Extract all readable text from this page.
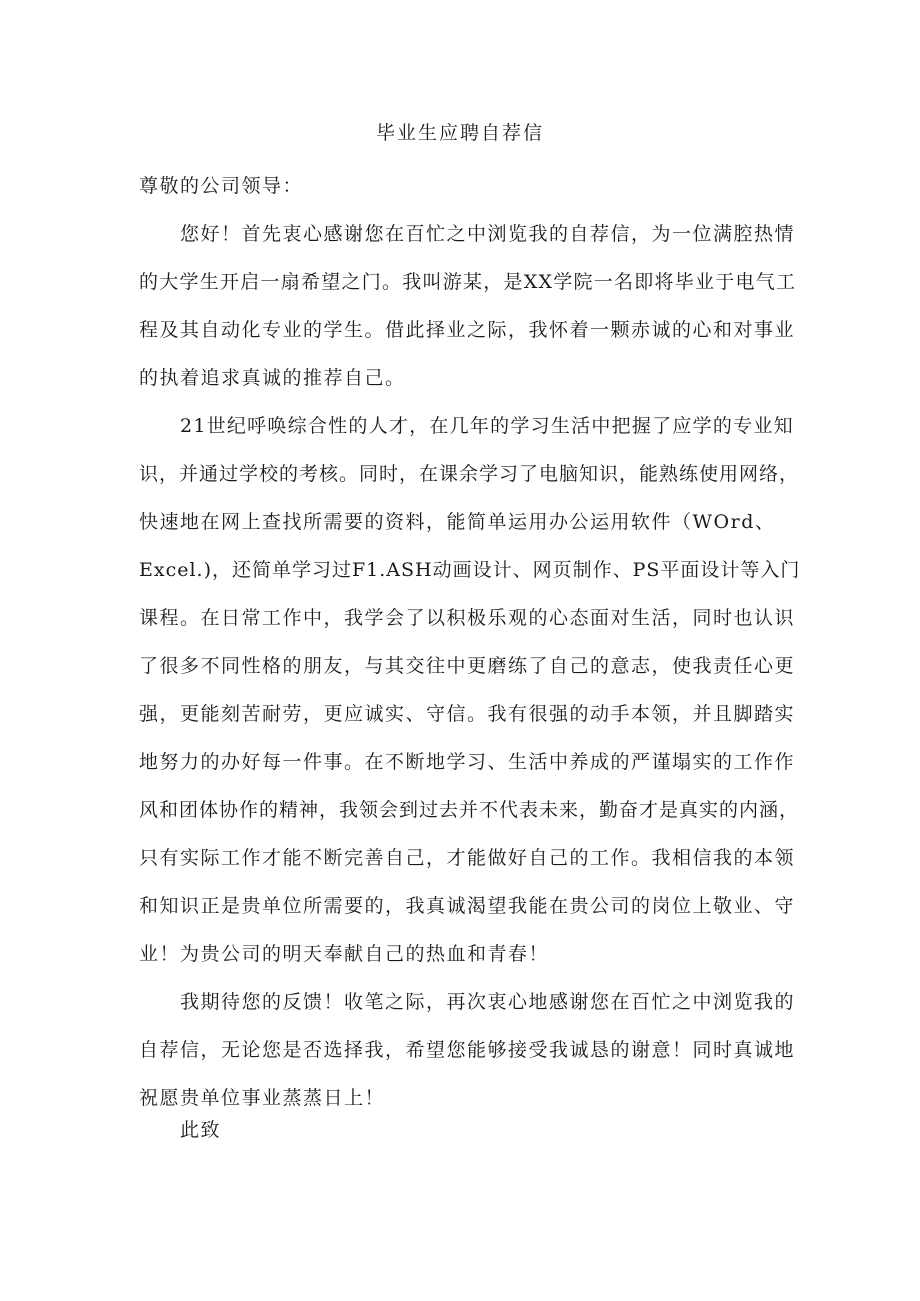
毕业生应聘自荐信
尊敬的公司领导：
您好！首先衷心感谢您在百忙之中浏览我的自荐信，为一位满腔热情
的大学生开启一扇希望之门。我叫游某，是XX学院一名即将毕业于电气工
程及其自动化专业的学生。借此择业之际，我怀着一颗赤诚的心和对事业
的执着追求真诚的推荐自己。
21世纪呼唤综合性的人才，在几年的学习生活中把握了应学的专业知
识，并通过学校的考核。同时，在课余学习了电脑知识，能熟练使用网络，
快速地在网上查找所需要的资料，能简单运用办公运用软件（WOrd、
Excel.)，还简单学习过F1.ASH动画设计、网页制作、PS平面设计等入门
课程。在日常工作中，我学会了以积极乐观的心态面对生活，同时也认识
了很多不同性格的朋友，与其交往中更磨练了自己的意志，使我责任心更
强，更能刻苦耐劳，更应诚实、守信。我有很强的动手本领，并且脚踏实
地努力的办好每一件事。在不断地学习、生活中养成的严谨塌实的工作作
风和团体协作的精神，我领会到过去并不代表未来，勤奋才是真实的内涵，
只有实际工作才能不断完善自己，才能做好自己的工作。我相信我的本领
和知识正是贵单位所需要的，我真诚渴望我能在贵公司的岗位上敬业、守
业！为贵公司的明天奉献自己的热血和青春！
我期待您的反馈！收笔之际，再次衷心地感谢您在百忙之中浏览我的
自荐信，无论您是否选择我，希望您能够接受我诚恳的谢意！同时真诚地
祝愿贵单位事业蒸蒸日上！
此致
